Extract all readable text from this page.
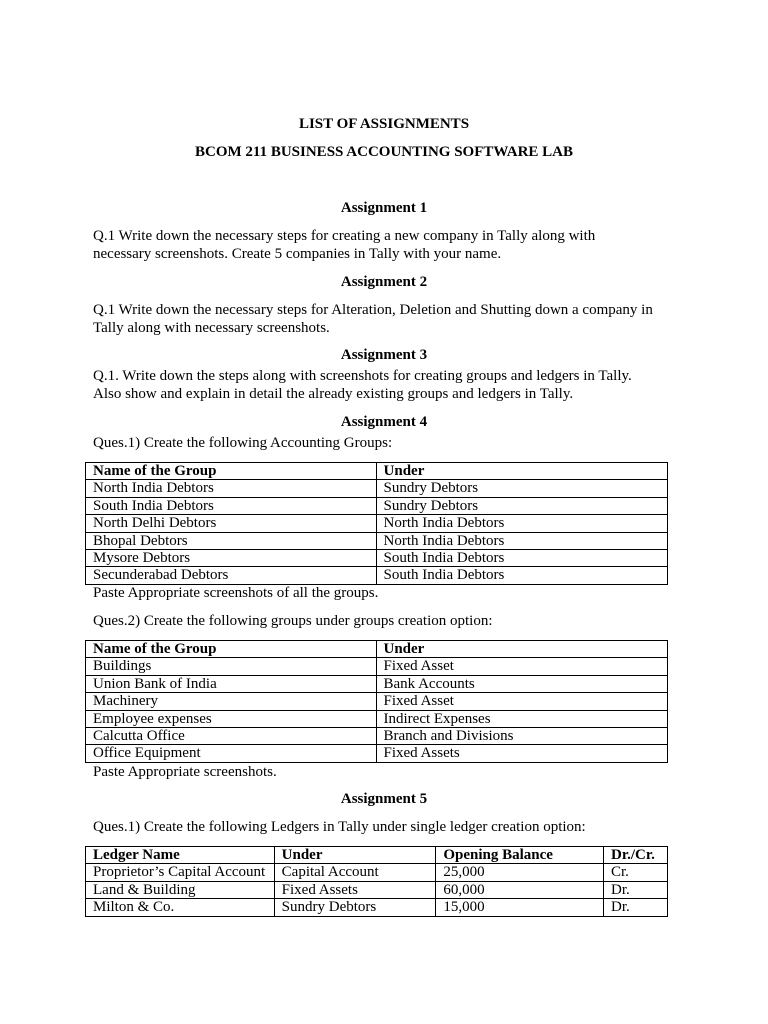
LIST OF ASSIGNMENTS
BCOM 211 BUSINESS ACCOUNTING SOFTWARE LAB
Assignment 1
Q.1 Write down the necessary steps for creating a new company in Tally along with
necessary screenshots. Create 5 companies in Tally with your name.
Assignment 2
Q.1 Write down the necessary steps for Alteration, Deletion and Shutting down a company in
Tally along with necessary screenshots.
Assignment 3
Q.1. Write down the steps along with screenshots for creating groups and ledgers in Tally.
Also show and explain in detail the already existing groups and ledgers in Tally.
Assignment 4
Ques.1) Create the following Accounting Groups:
Name of the Group	Under
North India Debtors	Sundry Debtors
South India Debtors	Sundry Debtors
North Delhi Debtors	North India Debtors
Bhopal Debtors	North India Debtors
Mysore Debtors	South India Debtors
Secunderabad Debtors	South India Debtors
Paste Appropriate screenshots of all the groups.
Ques.2) Create the following groups under groups creation option:
Name of the Group	Under
Buildings	Fixed Asset
Union Bank of India	Bank Accounts
Machinery	Fixed Asset
Employee expenses	Indirect Expenses
Calcutta Office	Branch and Divisions
Office Equipment	Fixed Assets
Paste Appropriate screenshots.
Assignment 5
Ques.1) Create the following Ledgers in Tally under single ledger creation option:
Ledger Name	Under	Opening Balance	Dr./Cr.
Proprietor’s Capital Account	Capital Account	25,000	Cr.
Land & Building	Fixed Assets	60,000	Dr.
Milton & Co.	Sundry Debtors	15,000	Dr.
